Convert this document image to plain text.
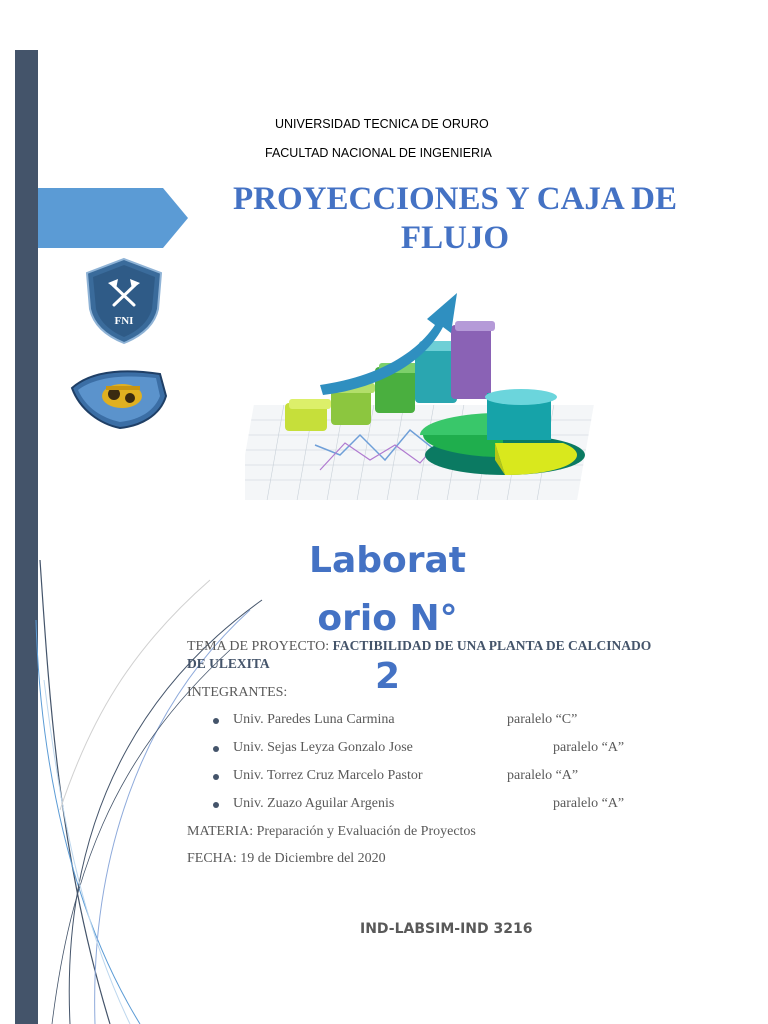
UNIVERSIDAD TECNICA DE ORURO
FACULTAD NACIONAL DE INGENIERIA
PROYECCIONES Y CAJA DE
FLUJO
FNI
Laborat
orio N°
2
TEMA DE PROYECTO: FACTIBILIDAD DE UNA PLANTA DE CALCINADO
DE ULEXITA
INTEGRANTES:
Univ. Paredes Luna Carmina	paralelo “C”
Univ. Sejas Leyza Gonzalo Jose	paralelo “A”
Univ. Torrez Cruz Marcelo Pastor	paralelo “A”
Univ. Zuazo Aguilar Argenis	paralelo “A”
MATERIA: Preparación y Evaluación de Proyectos
FECHA: 19 de Diciembre del 2020
IND-LABSIM-IND 3216
